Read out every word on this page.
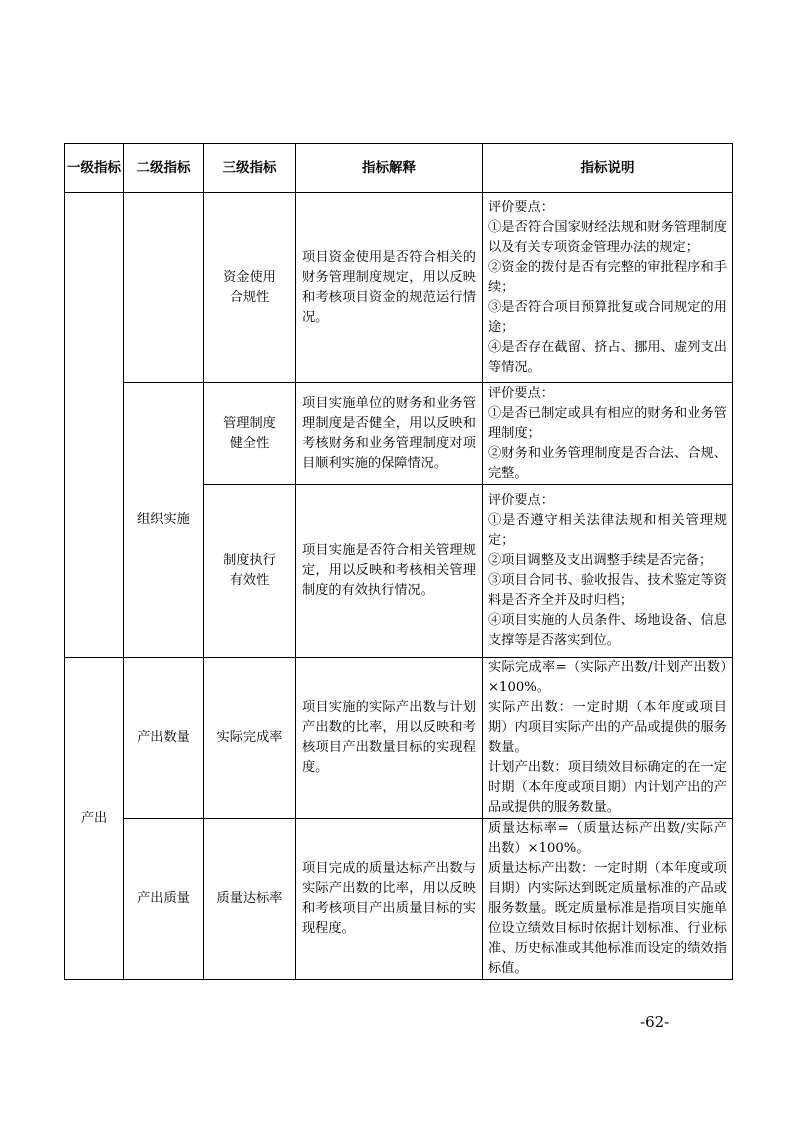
一级指标	二级指标	三级指标	指标解释	指标说明

		资金使用合规性	项目资金使用是否符合相关的财务管理制度规定，用以反映和考核项目资金的规范运行情况。	评价要点：
①是否符合国家财经法规和财务管理制度以及有关专项资金管理办法的规定；
②资金的拨付是否有完整的审批程序和手续；
③是否符合项目预算批复或合同规定的用途；
④是否存在截留、挤占、挪用、虚列支出等情况。

	组织实施	管理制度健全性	项目实施单位的财务和业务管理制度是否健全，用以反映和考核财务和业务管理制度对项目顺利实施的保障情况。	评价要点：
①是否已制定或具有相应的财务和业务管理制度；
②财务和业务管理制度是否合法、合规、完整。

		制度执行有效性	项目实施是否符合相关管理规定，用以反映和考核相关管理制度的有效执行情况。	评价要点：
①是否遵守相关法律法规和相关管理规定；
②项目调整及支出调整手续是否完备；
③项目合同书、验收报告、技术鉴定等资料是否齐全并及时归档；
④项目实施的人员条件、场地设备、信息支撑等是否落实到位。

产出	产出数量	实际完成率	项目实施的实际产出数与计划产出数的比率，用以反映和考核项目产出数量目标的实现程度。	实际完成率=（实际产出数/计划产出数）×100%。
实际产出数：一定时期（本年度或项目期）内项目实际产出的产品或提供的服务数量。
计划产出数：项目绩效目标确定的在一定时期（本年度或项目期）内计划产出的产品或提供的服务数量。

	产出质量	质量达标率	项目完成的质量达标产出数与实际产出数的比率，用以反映和考核项目产出质量目标的实现程度。	质量达标率=（质量达标产出数/实际产出数）×100%。
质量达标产出数：一定时期（本年度或项目期）内实际达到既定质量标准的产品或服务数量。既定质量标准是指项目实施单位设立绩效目标时依据计划标准、行业标准、历史标准或其他标准而设定的绩效指标值。
-62-
